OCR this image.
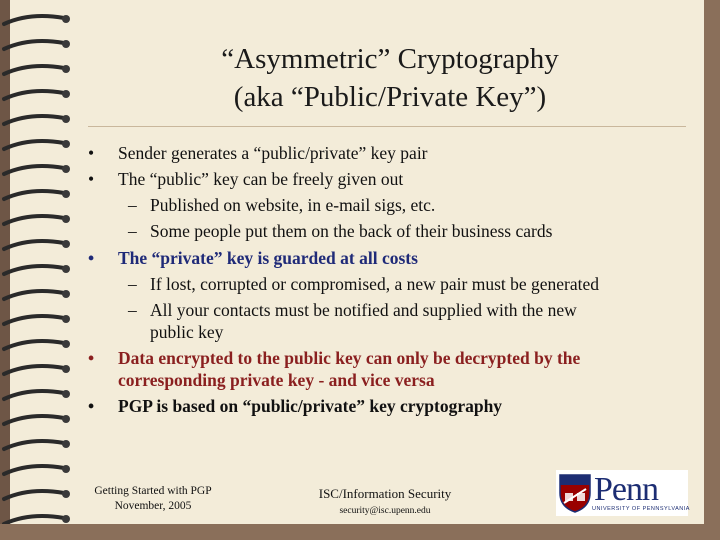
“Asymmetric” Cryptography
(aka “Public/Private Key”)
• Sender generates a “public/private” key pair
• The “public” key can be freely given out
– Published on website, in e-mail sigs, etc.
– Some people put them on the back of their business cards
• The “private” key is guarded at all costs
– If lost, corrupted or compromised, a new pair must be generated
– All your contacts must be notified and supplied with the new
public key
• Data encrypted to the public key can only be decrypted by the
corresponding private key - and vice versa
• PGP is based on “public/private” key cryptography
Getting Started with PGP
November, 2005
ISC/Information Security
security@isc.upenn.edu
Penn
UNIVERSITY OF PENNSYLVANIA
